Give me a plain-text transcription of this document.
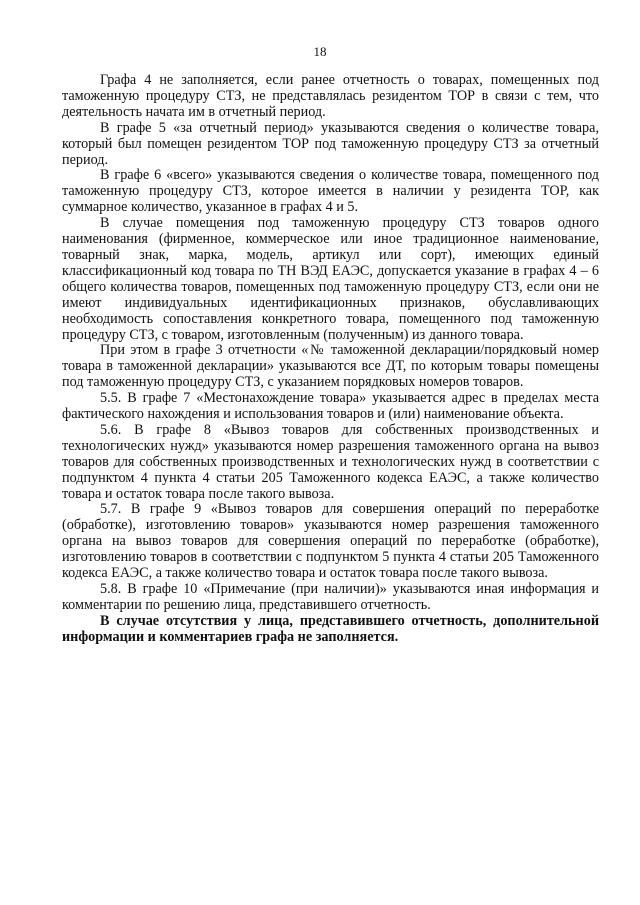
18

Графа 4 не заполняется, если ранее отчетность о товарах, помещенных под таможенную процедуру СТЗ, не представлялась резидентом ТОР в связи с тем, что деятельность начата им в отчетный период.

В графе 5 «за отчетный период» указываются сведения о количестве товара, который был помещен резидентом ТОР под таможенную процедуру СТЗ за отчетный период.

В графе 6 «всего» указываются сведения о количестве товара, помещенного под таможенную процедуру СТЗ, которое имеется в наличии у резидента ТОР, как суммарное количество, указанное в графах 4 и 5.

В случае помещения под таможенную процедуру СТЗ товаров одного наименования (фирменное, коммерческое или иное традиционное наименование, товарный знак, марка, модель, артикул или сорт), имеющих единый классификационный код товара по ТН ВЭД ЕАЭС, допускается указание в графах 4 – 6 общего количества товаров, помещенных под таможенную процедуру СТЗ, если они не имеют индивидуальных идентификационных признаков, обуславливающих необходимость сопоставления конкретного товара, помещенного под таможенную процедуру СТЗ, с товаром, изготовленным (полученным) из данного товара.

При этом в графе 3 отчетности «№ таможенной декларации/порядковый номер товара в таможенной декларации» указываются все ДТ, по которым товары помещены под таможенную процедуру СТЗ, с указанием порядковых номеров товаров.

5.5. В графе 7 «Местонахождение товара» указывается адрес в пределах места фактического нахождения и использования товаров и (или) наименование объекта.

5.6. В графе 8 «Вывоз товаров для собственных производственных и технологических нужд» указываются номер разрешения таможенного органа на вывоз товаров для собственных производственных и технологических нужд в соответствии с подпунктом 4 пункта 4 статьи 205 Таможенного кодекса ЕАЭС, а также количество товара и остаток товара после такого вывоза.

5.7. В графе 9 «Вывоз товаров для совершения операций по переработке (обработке), изготовлению товаров» указываются номер разрешения таможенного органа на вывоз товаров для совершения операций по переработке (обработке), изготовлению товаров в соответствии с подпунктом 5 пункта 4 статьи 205 Таможенного кодекса ЕАЭС, а также количество товара и остаток товара после такого вывоза.

5.8. В графе 10 «Примечание (при наличии)» указываются иная информация и комментарии по решению лица, представившего отчетность.

В случае отсутствия у лица, представившего отчетность, дополнительной информации и комментариев графа не заполняется.
